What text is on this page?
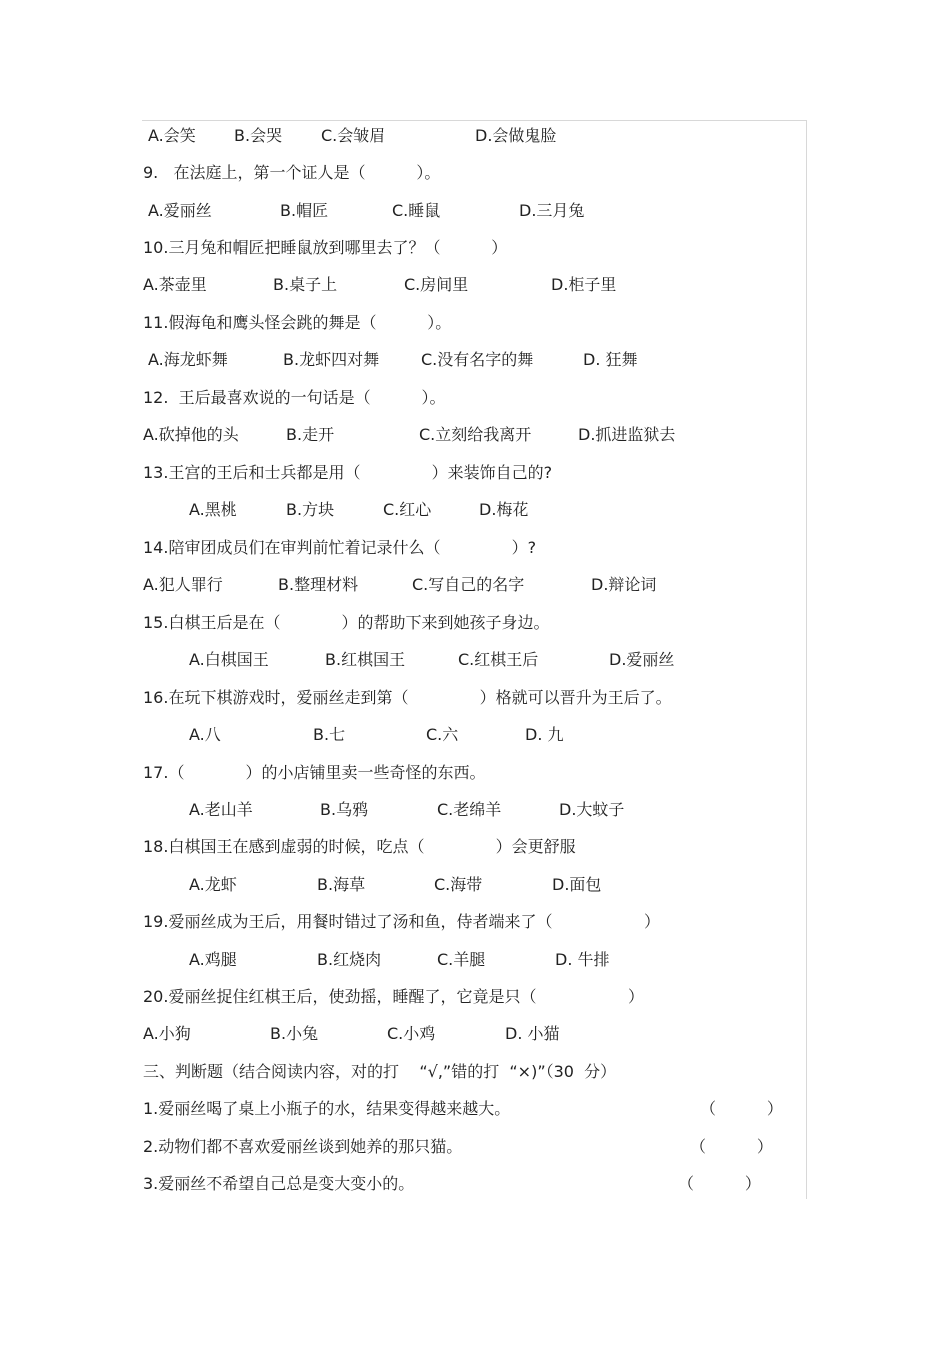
A.会笑 B.会哭 C.会皱眉	D.会做鬼脸
9.   在法庭上，第一个证人是（          ）。
A.爱丽丝	B.帽匠	C.睡鼠	D.三月兔
10.三月兔和帽匠把睡鼠放到哪里去了？（          ）
A.茶壶里	B.桌子上	C.房间里	D.柜子里
11.假海龟和鹰头怪会跳的舞是（          ）。
A.海龙虾舞	B.龙虾四对舞	C.没有名字的舞	D. 狂舞
12.  王后最喜欢说的一句话是（          ）。
A.砍掉他的头	B.走开	C.立刻给我离开	D.抓进监狱去
13.王宫的王后和士兵都是用（              ）来装饰自己的?
A.黑桃	B.方块	C.红心	D.梅花
14.陪审团成员们在审判前忙着记录什么（              ）?
A.犯人罪行	B.整理材料	C.写自己的名字	D.辩论词
15.白棋王后是在（            ）的帮助下来到她孩子身边。
A.白棋国王	B.红棋国王	C.红棋王后	D.爱丽丝
16.在玩下棋游戏时，爱丽丝走到第（              ）格就可以晋升为王后了。
A.八	B.七	C.六	D. 九
17.（            ）的小店铺里卖一些奇怪的东西。
A.老山羊	B.乌鸦	C.老绵羊	D.大蚊子
18.白棋国王在感到虚弱的时候，吃点（              ）会更舒服
A.龙虾	B.海草	C.海带	D.面包
19.爱丽丝成为王后，用餐时错过了汤和鱼，侍者端来了（                  ）
A.鸡腿	B.红烧肉	C.羊腿	D. 牛排
20.爱丽丝捉住红棋王后，使劲摇，睡醒了，它竟是只（                  ）
A.小狗	B.小兔	C.小鸡	D. 小猫
三、判断题（结合阅读内容，对的打    “√,”错的打  “×)”（30  分）
1.爱丽丝喝了桌上小瓶子的水，结果变得越来越大。	（          ）
2.动物们都不喜欢爱丽丝谈到她养的那只猫。	（          ）
3.爱丽丝不希望自己总是变大变小的。	（          ）
